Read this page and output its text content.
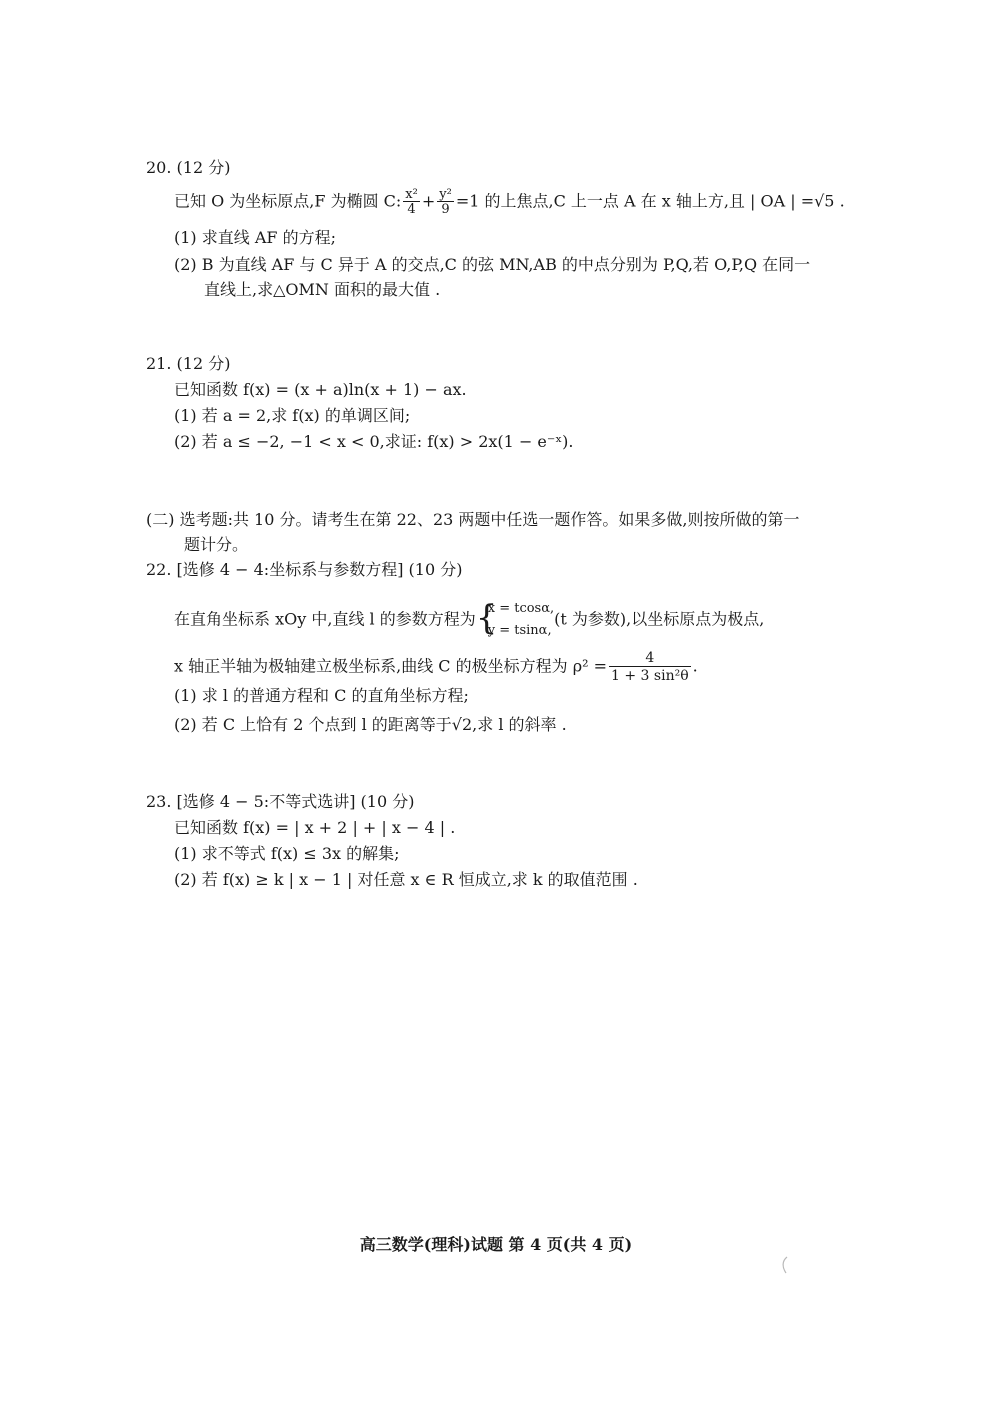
20. (12 分)
已知 O 为坐标原点,F 为椭圆 C: $\frac{\text{x²}}{4} + \frac{\text{y²}}{9} =1$ 的上焦点,C 上一点 A 在 x 轴上方,且 | OA | =√5 .
(1) 求直线 AF 的方程;
(2) B 为直线 AF 与 C 异于 A 的交点,C 的弦 MN,AB 的中点分别为 P,Q,若 O,P,Q 在同一
直线上,求△OMN 面积的最大值 .
21. (12 分)
已知函数 f(x) = (x + a)ln(x + 1) − ax.
(1) 若 a = 2,求 f(x) 的单调区间;
(2) 若 a ≤ −2, −1 < x < 0,求证: f(x) > 2x(1 − e⁻ˣ).
(二) 选考题:共 10 分。请考生在第 22、23 两题中任选一题作答。如果多做,则按所做的第一
题计分。
22. [选修 4 − 4:坐标系与参数方程] (10 分)
在直角坐标系 xOy 中,直线 l 的参数方程为 {
x = tcosα,
y = tsinα,
(t 为参数),以坐标原点为极点,
x 轴正半轴为极轴建立极坐标系,曲线 C 的极坐标方程为 $\rho^2 = \frac{4}{\text{1 + 3 sin²θ}}$ .
(1) 求 l 的普通方程和 C 的直角坐标方程;
(2) 若 C 上恰有 2 个点到 l 的距离等于√2,求 l 的斜率 .
23. [选修 4 − 5:不等式选讲] (10 分)
已知函数 f(x) = | x + 2 | + | x − 4 | .
(1) 求不等式 f(x) ≤ 3x 的解集;
(2) 若 f(x) ≥ k | x − 1 | 对任意 x ∈ R 恒成立,求 k 的取值范围 .
高三数学(理科)试题 第 4 页(共 4 页)
